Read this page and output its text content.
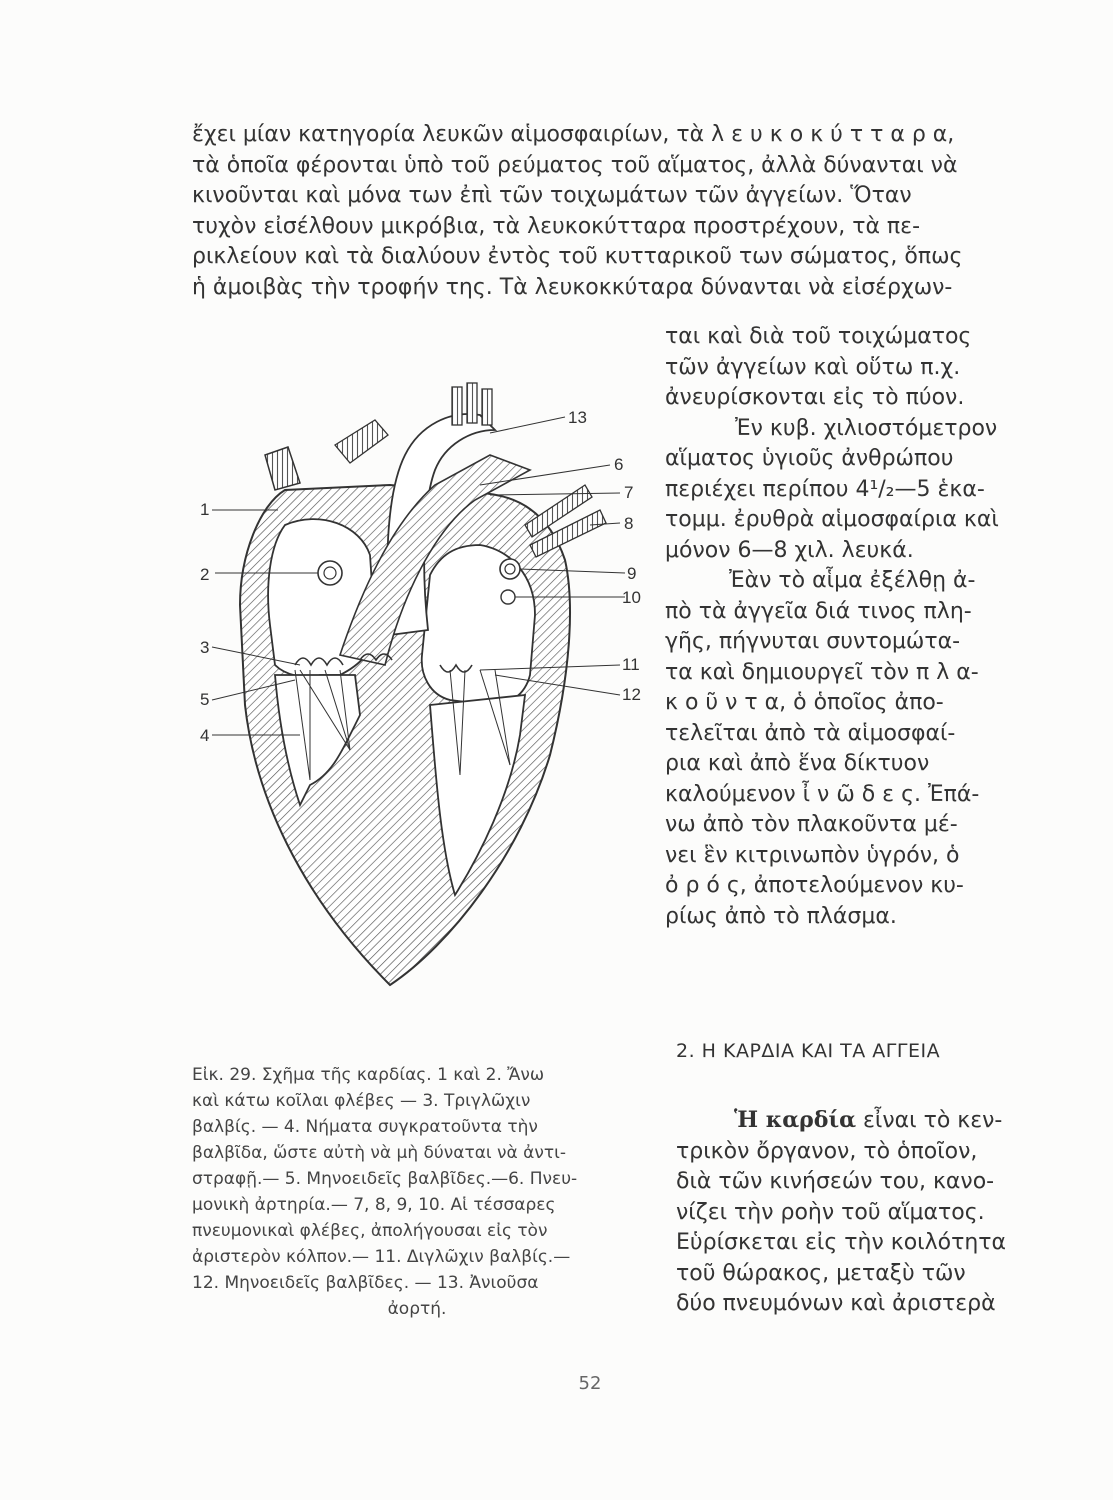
ἔχει μίαν κατηγορία λευκῶν αἱμοσφαιρίων, τὰ λ ε υ κ ο κ ύ τ τ α ρ α,
τὰ ὁποῖα φέρονται ὑπὸ τοῦ ρεύματος τοῦ αἵματος, ἀλλὰ δύνανται νὰ
κινοῦνται καὶ μόνα των ἐπὶ τῶν τοιχωμάτων τῶν ἀγγείων. Ὅταν
τυχὸν εἰσέλθουν μικρόβια, τὰ λευκοκύτταρα προστρέχουν, τὰ πε-
ρικλείουν καὶ τὰ διαλύουν ἐντὸς τοῦ κυτταρικοῦ των σώματος, ὅπως
ἡ ἀμοιβὰς τὴν τροφήν της. Τὰ λευκοκκύταρα δύνανται νὰ εἰσέρχων-
ται καὶ διὰ τοῦ τοιχώματος
τῶν ἀγγείων καὶ οὕτω π.χ.
ἀνευρίσκονται εἰς τὸ πύον.
Ἐν κυβ. χιλιοστόμετρον
αἵματος ὑγιοῦς ἀνθρώπου
περιέχει περίπου 4¹/₂—5 ἑκα-
τομμ. ἐρυθρὰ αἱμοσφαίρια καὶ
μόνον 6—8 χιλ. λευκά.
Ἐὰν τὸ αἷμα ἐξέλθῃ ἀ-
πὸ τὰ ἀγγεῖα διά τινος πλη-
γῆς, πήγνυται συντομώτα-
τα καὶ δημιουργεῖ τὸν π λ α-
κ ο ῦ ν τ α, ὁ ὁποῖος ἀπο-
τελεῖται ἀπὸ τὰ αἱμοσφαί-
ρια καὶ ἀπὸ ἕνα δίκτυον
καλούμενον ἶ ν ῶ δ ε ς. Ἐπά-
νω ἀπὸ τὸν πλακοῦντα μέ-
νει ἓν κιτρινωπὸν ὑγρόν, ὁ
ὀ ρ ό ς, ἀποτελούμενον κυ-
ρίως ἀπὸ τὸ πλάσμα.
2. Η ΚΑΡΔΙΑ ΚΑΙ ΤΑ ΑΓΓΕΙΑ
Ἡ καρδία εἶναι τὸ κεν-
τρικὸν ὄργανον, τὸ ὁποῖον,
διὰ τῶν κινήσεών του, κανο-
νίζει τὴν ροὴν τοῦ αἵματος.
Εὑρίσκεται εἰς τὴν κοιλότητα
τοῦ θώρακος, μεταξὺ τῶν
δύο πνευμόνων καὶ ἀριστερὰ
1
2
3
4
5
6
7
8
9
10
11
12
13
Εἰκ. 29. Σχῆμα τῆς καρδίας. 1 καὶ 2. Ἄνω
καὶ κάτω κοῖλαι φλέβες — 3. Τριγλῶχιν
βαλβίς. — 4. Νήματα συγκρατοῦντα τὴν
βαλβῖδα, ὥστε αὐτὴ νὰ μὴ δύναται νὰ ἀντι-
στραφῇ.— 5. Μηνοειδεῖς βαλβῖδες.—6. Πνευ-
μονικὴ ἀρτηρία.— 7, 8, 9, 10. Αἱ τέσσαρες
πνευμονικαὶ φλέβες, ἀπολήγουσαι εἰς τὸν
ἀριστερὸν κόλπον.— 11. Διγλῶχιν βαλβίς.—
12. Μηνοειδεῖς βαλβῖδες. — 13. Ἀνιοῦσα
ἀορτή.
52
